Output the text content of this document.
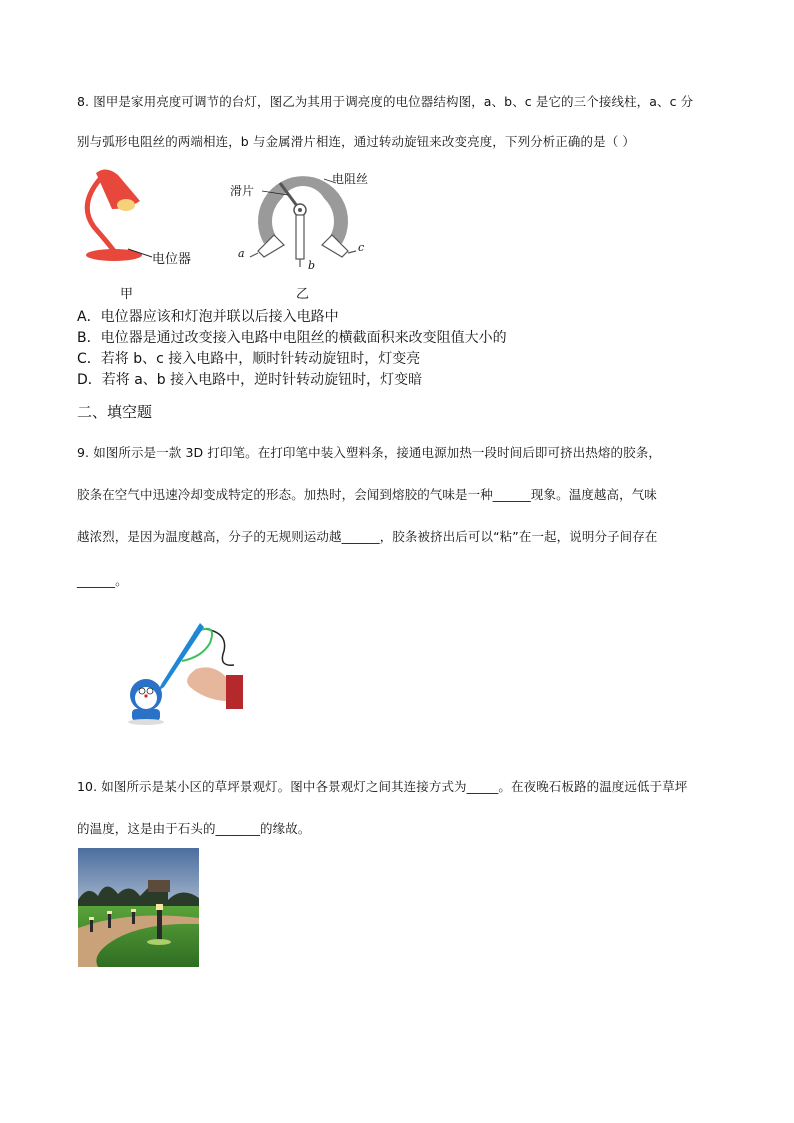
8. 图甲是家用亮度可调节的台灯，图乙为其用于调亮度的电位器结构图，a、b、c 是它的三个接线柱，a、c 分
别与弧形电阻丝的两端相连，b 与金属滑片相连，通过转动旋钮来改变亮度，下列分析正确的是（ ）
电位器
甲
滑片
电阻丝
a
b
c
乙
A．电位器应该和灯泡并联以后接入电路中
B．电位器是通过改变接入电路中电阻丝的横截面积来改变阻值大小的
C．若将 b、c 接入电路中，顺时针转动旋钮时，灯变亮
D．若将 a、b 接入电路中，逆时针转动旋钮时，灯变暗
二、填空题
9. 如图所示是一款 3D 打印笔。在打印笔中装入塑料条，接通电源加热一段时间后即可挤出热熔的胶条，
胶条在空气中迅速冷却变成特定的形态。加热时，会闻到熔胶的气味是一种______现象。温度越高，气味
越浓烈，是因为温度越高，分子的无规则运动越______，胶条被挤出后可以“粘”在一起，说明分子间存在
______。
10. 如图所示是某小区的草坪景观灯。图中各景观灯之间其连接方式为_____。在夜晚石板路的温度远低于草坪
的温度，这是由于石头的_______的缘故。
